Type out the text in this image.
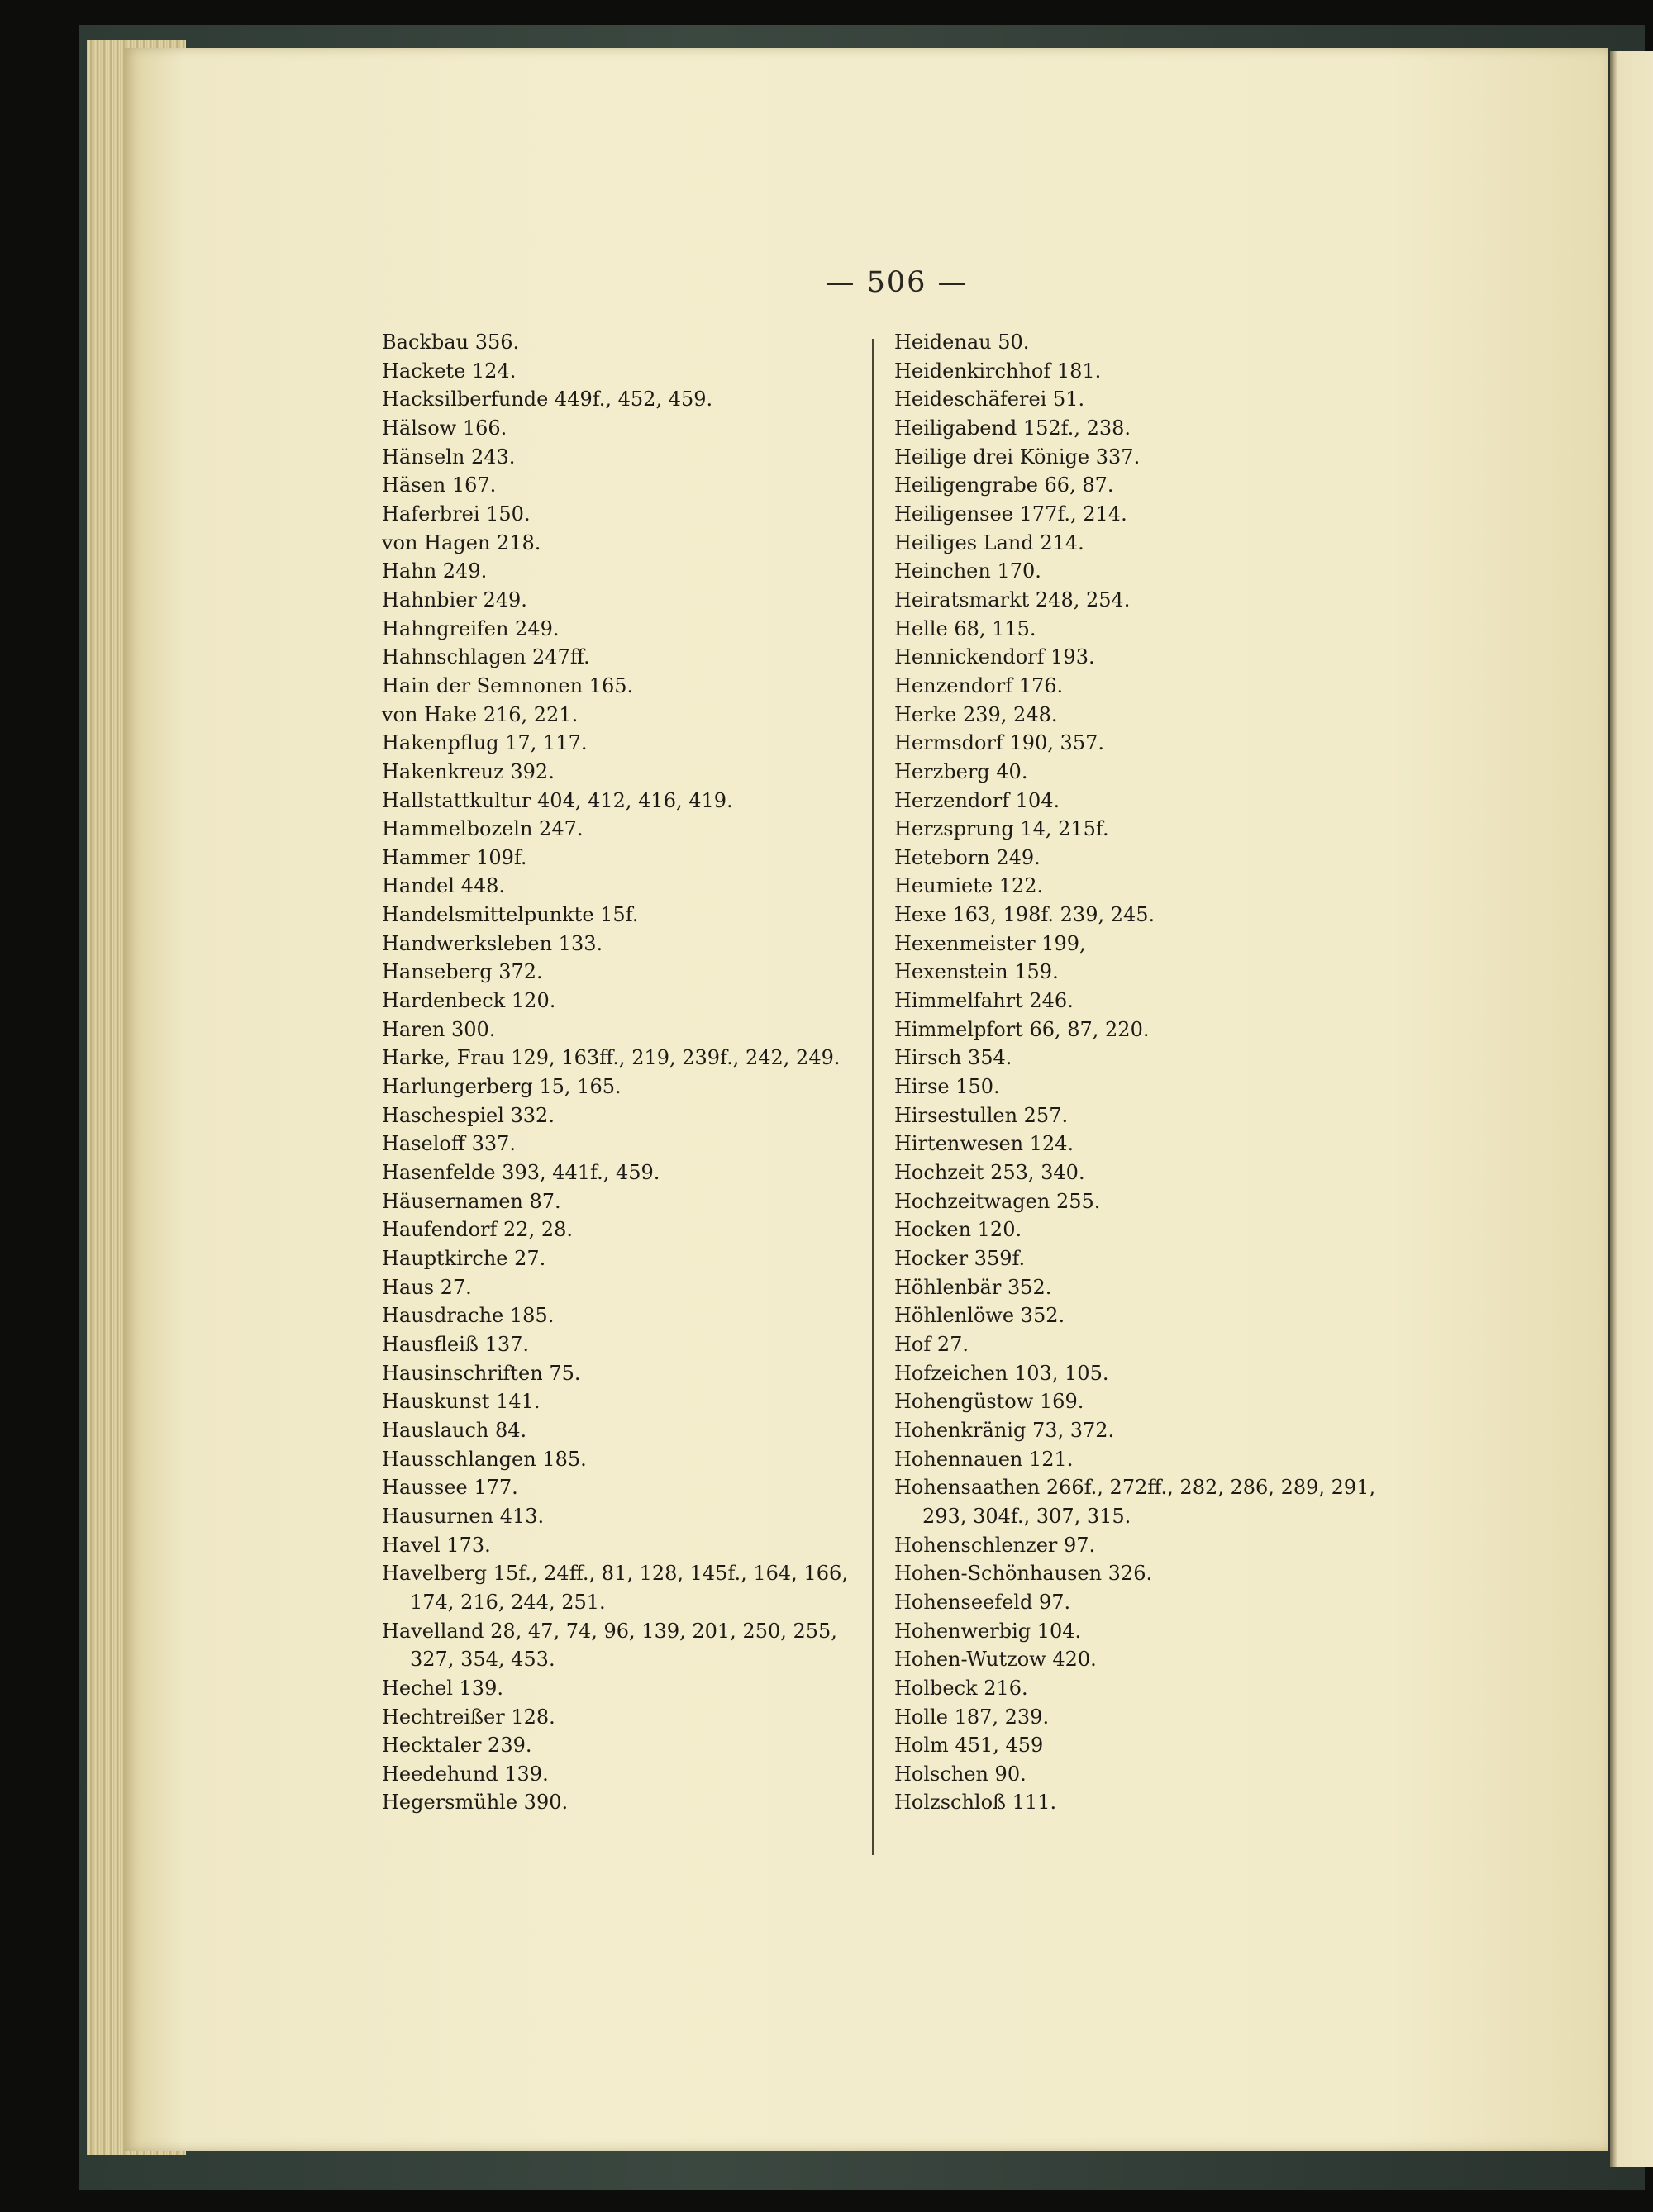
— 506 —
Backbau 356.
Hackete 124.
Hacksilberfunde 449f., 452, 459.
Hälsow 166.
Hänseln 243.
Häsen 167.
Haferbrei 150.
von Hagen 218.
Hahn 249.
Hahnbier 249.
Hahngreifen 249.
Hahnschlagen 247ff.
Hain der Semnonen 165.
von Hake 216, 221.
Hakenpflug 17, 117.
Hakenkreuz 392.
Hallstattkultur 404, 412, 416, 419.
Hammelbozeln 247.
Hammer 109f.
Handel 448.
Handelsmittelpunkte 15f.
Handwerksleben 133.
Hanseberg 372.
Hardenbeck 120.
Haren 300.
Harke, Frau 129, 163ff., 219, 239f., 242, 249.
Harlungerberg 15, 165.
Haschespiel 332.
Haseloff 337.
Hasenfelde 393, 441f., 459.
Häusernamen 87.
Haufendorf 22, 28.
Hauptkirche 27.
Haus 27.
Hausdrache 185.
Hausfleiß 137.
Hausinschriften 75.
Hauskunst 141.
Hauslauch 84.
Hausschlangen 185.
Haussee 177.
Hausurnen 413.
Havel 173.
Havelberg 15f., 24ff., 81, 128, 145f., 164, 166,
174, 216, 244, 251.
Havelland 28, 47, 74, 96, 139, 201, 250, 255,
327, 354, 453.
Hechel 139.
Hechtreißer 128.
Hecktaler 239.
Heedehund 139.
Hegersmühle 390.
Heidenau 50.
Heidenkirchhof 181.
Heideschäferei 51.
Heiligabend 152f., 238.
Heilige drei Könige 337.
Heiligengrabe 66, 87.
Heiligensee 177f., 214.
Heiliges Land 214.
Heinchen 170.
Heiratsmarkt 248, 254.
Helle 68, 115.
Hennickendorf 193.
Henzendorf 176.
Herke 239, 248.
Hermsdorf 190, 357.
Herzberg 40.
Herzendorf 104.
Herzsprung 14, 215f.
Heteborn 249.
Heumiete 122.
Hexe 163, 198f. 239, 245.
Hexenmeister 199,
Hexenstein 159.
Himmelfahrt 246.
Himmelpfort 66, 87, 220.
Hirsch 354.
Hirse 150.
Hirsestullen 257.
Hirtenwesen 124.
Hochzeit 253, 340.
Hochzeitwagen 255.
Hocken 120.
Hocker 359f.
Höhlenbär 352.
Höhlenlöwe 352.
Hof 27.
Hofzeichen 103, 105.
Hohengüstow 169.
Hohenkränig 73, 372.
Hohennauen 121.
Hohensaathen 266f., 272ff., 282, 286, 289, 291,
293, 304f., 307, 315.
Hohenschlenzer 97.
Hohen-Schönhausen 326.
Hohenseefeld 97.
Hohenwerbig 104.
Hohen-Wutzow 420.
Holbeck 216.
Holle 187, 239.
Holm 451, 459
Holschen 90.
Holzschloß 111.
